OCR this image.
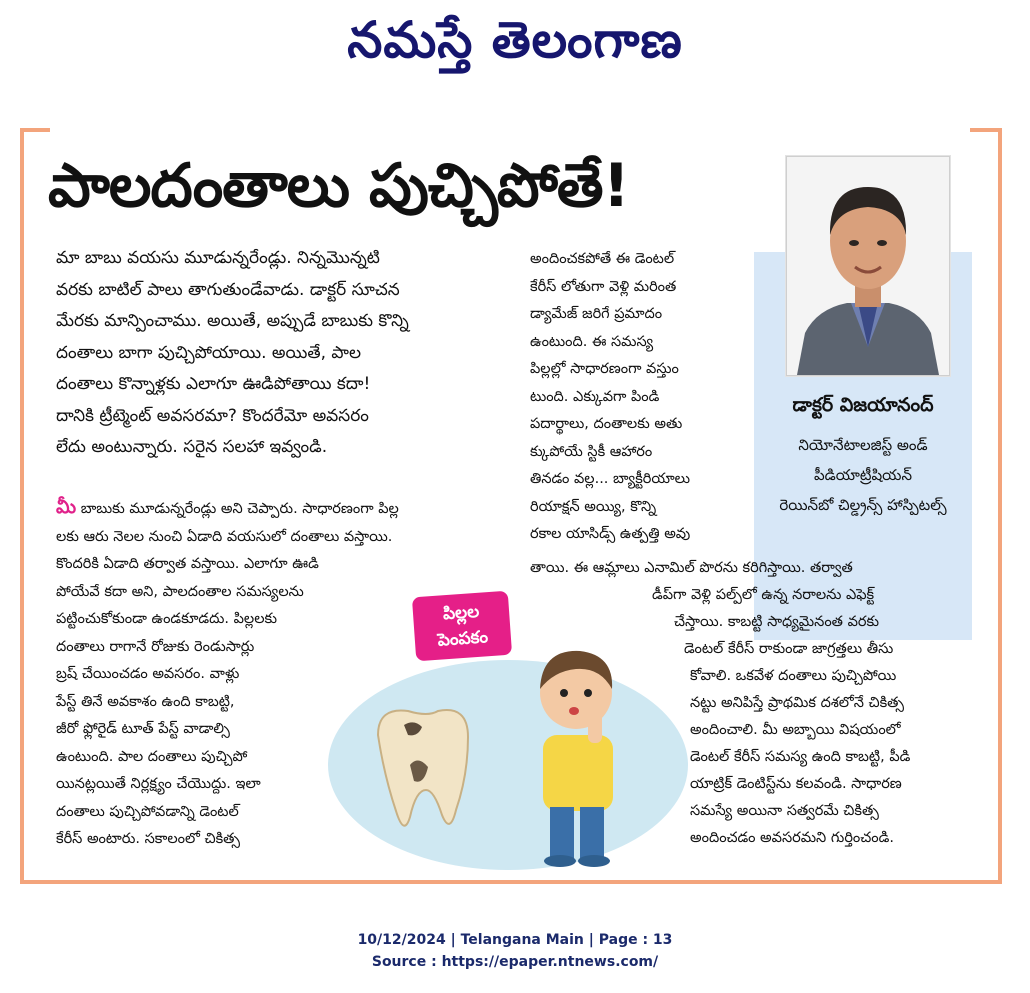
నమస్తే తెలంగాణ
పాలదంతాలు పుచ్చిపోతే!
డాక్టర్ విజయానంద్
నియోనేటాలజిస్ట్ అండ్
పీడియాట్రీషియన్
రెయిన్‌బో చిల్డ్రన్స్ హాస్పిటల్స్

మా బాబు వయసు మూడున్నరేండ్లు. నిన్నమొన్నటి

వరకు బాటిల్ పాలు తాగుతుండేవాడు. డాక్టర్ సూచన

మేరకు మాన్పించాము. అయితే, అప్పుడే బాబుకు కొన్ని

దంతాలు బాగా పుచ్చిపోయాయి. అయితే, పాల

దంతాలు కొన్నాళ్లకు ఎలాగూ ఊడిపోతాయి కదా!

దానికి ట్రీట్మెంట్ అవసరమా? కొందరేమో అవసరం

లేదు అంటున్నారు. సరైన సలహా ఇవ్వండి.

పిల్లల
పెంపకం

మీ బాబుకు మూడున్నరేండ్లు అని చెప్పారు. సాధారణంగా పిల్ల

లకు ఆరు నెలల నుంచి ఏడాది వయసులో దంతాలు వస్తాయి.

కొందరికి ఏడాది తర్వాత వస్తాయి. ఎలాగూ ఊడి

పోయేవే కదా అని, పాలదంతాల సమస్యలను

పట్టించుకోకుండా ఉండకూడదు. పిల్లలకు

దంతాలు రాగానే రోజుకు రెండుసార్లు

బ్రష్ చేయించడం అవసరం. వాళ్లు

పేస్ట్ తినే అవకాశం ఉంది కాబట్టి,

జీరో ఫ్లోరైడ్ టూత్ పేస్ట్ వాడాల్సి

ఉంటుంది. పాల దంతాలు పుచ్చిపో

యినట్లయితే నిర్లక్ష్యం చేయొద్దు. ఇలా

దంతాలు పుచ్చిపోవడాన్ని డెంటల్

కేరీస్ అంటారు. సకాలంలో చికిత్స

అందించకపోతే ఈ డెంటల్

కేరీస్ లోతుగా వెళ్లి మరింత

డ్యామేజ్ జరిగే ప్రమాదం

ఉంటుంది. ఈ సమస్య

పిల్లల్లో సాధారణంగా వస్తుం

టుంది. ఎక్కువగా పిండి

పదార్థాలు, దంతాలకు అతు

క్కుపోయే స్టికీ ఆహారం

తినడం వల్ల... బ్యాక్టీరియాలు

రియాక్షన్ అయ్యి, కొన్ని

రకాల యాసిడ్స్ ఉత్పత్తి అవు

తాయి. ఈ ఆమ్లాలు ఎనామిల్ పొరను కరిగిస్తాయి. తర్వాత

డీప్‌గా వెళ్లి పల్ప్‌లో ఉన్న నరాలను ఎఫెక్ట్

చేస్తాయి. కాబట్టి సాధ్యమైనంత వరకు

డెంటల్ కేరీస్ రాకుండా జాగ్రత్తలు తీసు

కోవాలి. ఒకవేళ దంతాలు పుచ్చిపోయి

నట్టు అనిపిస్తే ప్రాథమిక దశలోనే చికిత్స

అందించాలి. మీ అబ్బాయి విషయంలో

డెంటల్ కేరీస్ సమస్య ఉంది కాబట్టి, పీడి

యాట్రిక్ డెంటిస్ట్‌ను కలవండి. సాధారణ

సమస్యే అయినా సత్వరమే చికిత్స

అందించడం అవసరమని గుర్తించండి.

10/12/2024 | Telangana Main | Page : 13
Source : https://epaper.ntnews.com/
